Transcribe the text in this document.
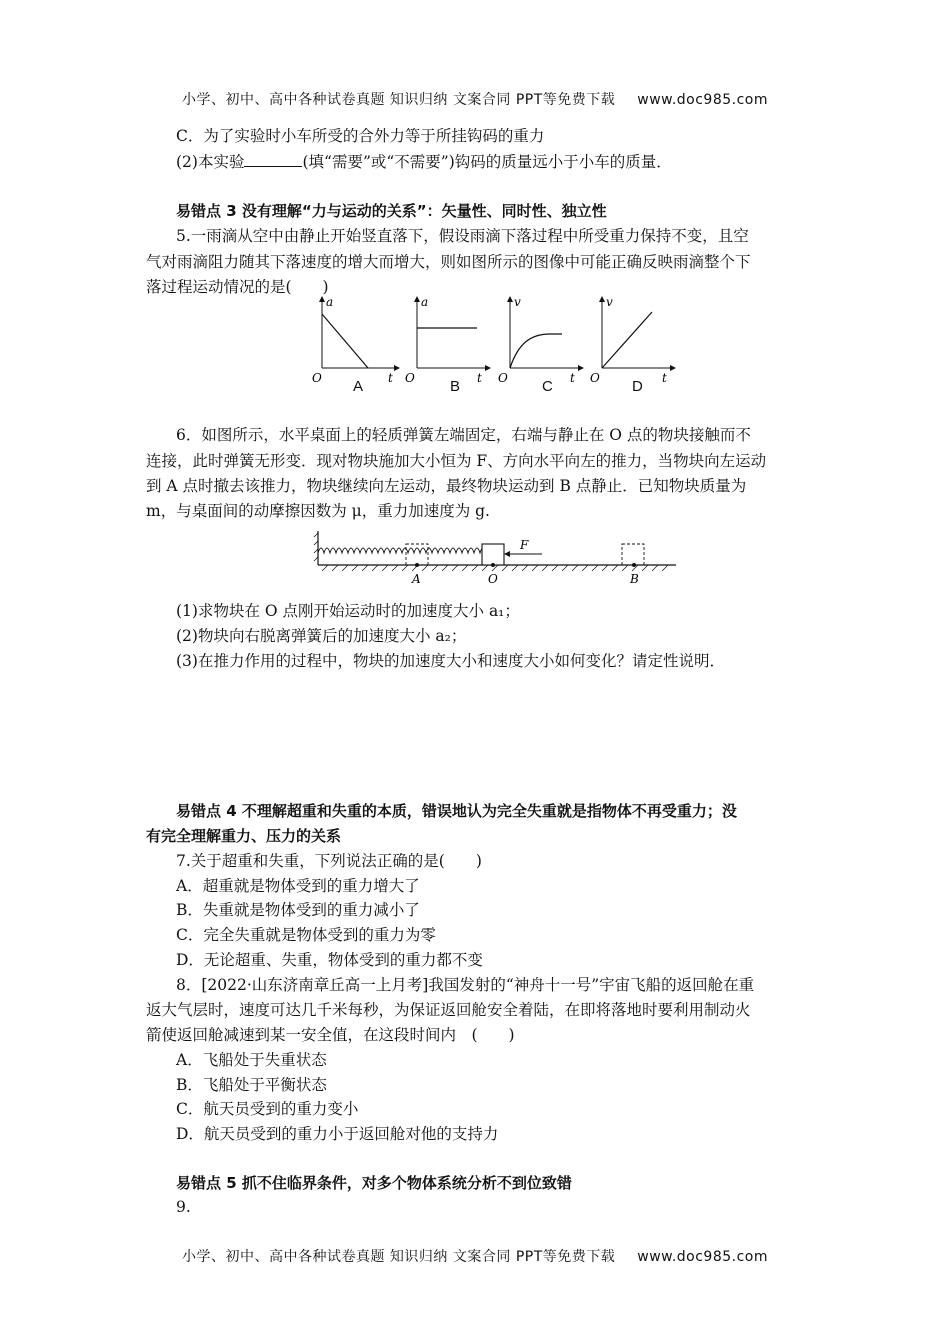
小学、初中、高中各种试卷真题 知识归纳 文案合同 PPT等免费下载 www.doc985.com
C．为了实验时小车所受的合外力等于所挂钩码的重力
(2)本实验	(填“需要”或“不需要”)钩码的质量远小于小车的质量．
易错点 3 没有理解“力与运动的关系”：矢量性、同时性、独立性
5.一雨滴从空中由静止开始竖直落下，假设雨滴下落过程中所受重力保持不变，且空
气对雨滴阻力随其下落速度的增大而增大，则如图所示的图像中可能正确反映雨滴整个下
落过程运动情况的是(　　)
a
O	t
a
O	t
v
O	t
v
O	t
A	B	C	D
6．如图所示，水平桌面上的轻质弹簧左端固定，右端与静止在 O 点的物块接触而不
连接，此时弹簧无形变．现对物块施加大小恒为 F、方向水平向左的推力，当物块向左运动
到 A 点时撤去该推力，物块继续向左运动，最终物块运动到 B 点静止．已知物块质量为
m，与桌面间的动摩擦因数为 μ，重力加速度为 g.
F
A	O	B
(1)求物块在 O 点刚开始运动时的加速度大小 a₁；
(2)物块向右脱离弹簧后的加速度大小 a₂；
(3)在推力作用的过程中，物块的加速度大小和速度大小如何变化？请定性说明．
易错点 4 不理解超重和失重的本质，错误地认为完全失重就是指物体不再受重力；没
有完全理解重力、压力的关系
7.关于超重和失重，下列说法正确的是(　　)
A．超重就是物体受到的重力增大了
B．失重就是物体受到的重力减小了
C．完全失重就是物体受到的重力为零
D．无论超重、失重，物体受到的重力都不变
8．[2022·山东济南章丘高一上月考]我国发射的“神舟十一号”宇宙飞船的返回舱在重
返大气层时，速度可达几千米每秒，为保证返回舱安全着陆，在即将落地时要利用制动火
箭使返回舱减速到某一安全值，在这段时间内　(　　)
A．飞船处于失重状态
B．飞船处于平衡状态
C．航天员受到的重力变小
D．航天员受到的重力小于返回舱对他的支持力
易错点 5 抓不住临界条件，对多个物体系统分析不到位致错
9.
小学、初中、高中各种试卷真题 知识归纳 文案合同 PPT等免费下载 www.doc985.com
